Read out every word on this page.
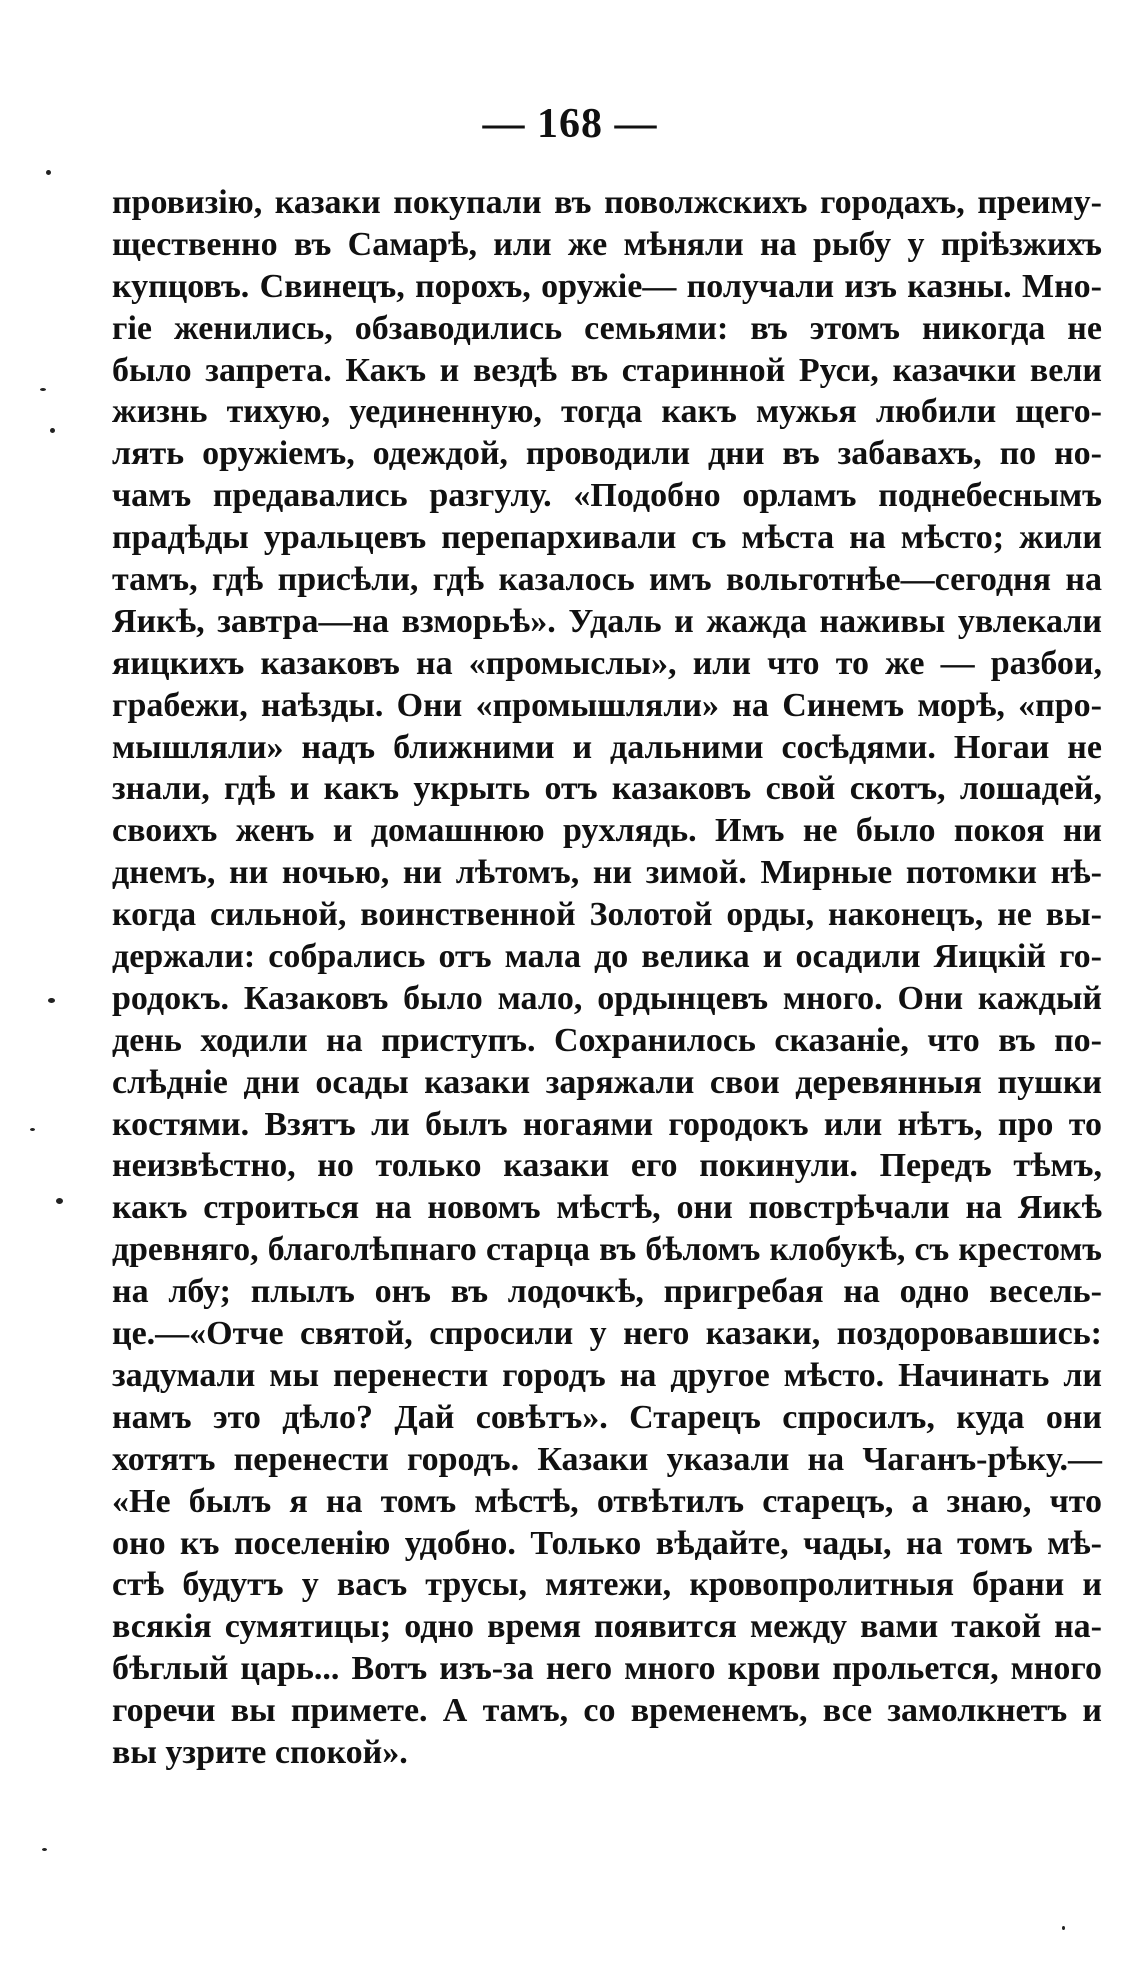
— 168 —
провизію, казаки покупали въ поволжскихъ городахъ, преиму-
щественно въ Самарѣ, или же мѣняли на рыбу у пріѣзжихъ
купцовъ. Свинецъ, порохъ, оружіе— получали изъ казны. Мно-
гіе женились, обзаводились семьями: въ этомъ никогда не
было запрета. Какъ и вездѣ въ старинной Руси, казачки вели
жизнь тихую, уединенную, тогда какъ мужья любили щего-
лять оружіемъ, одеждой, проводили дни въ забавахъ, по но-
чамъ предавались разгулу. «Подобно орламъ поднебеснымъ
прадѣды уральцевъ перепархивали съ мѣста на мѣсто; жили
тамъ, гдѣ присѣли, гдѣ казалось имъ вольготнѣе—сегодня на
Яикѣ, завтра—на взморьѣ». Удаль и жажда наживы увлекали
яицкихъ казаковъ на «промыслы», или что то же — разбои,
грабежи, наѣзды. Они «промышляли» на Синемъ морѣ, «про-
мышляли» надъ ближними и дальними сосѣдями. Ногаи не
знали, гдѣ и какъ укрыть отъ казаковъ свой скотъ, лошадей,
своихъ женъ и домашнюю рухлядь. Имъ не было покоя ни
днемъ, ни ночью, ни лѣтомъ, ни зимой. Мирные потомки нѣ-
когда сильной, воинственной Золотой орды, наконецъ, не вы-
держали: собрались отъ мала до велика и осадили Яицкій го-
родокъ. Казаковъ было мало, ордынцевъ много. Они каждый
день ходили на приступъ. Сохранилось сказаніе, что въ по-
слѣдніе дни осады казаки заряжали свои деревянныя пушки
костями. Взятъ ли былъ ногаями городокъ или нѣтъ, про то
неизвѣстно, но только казаки его покинули. Передъ тѣмъ,
какъ строиться на новомъ мѣстѣ, они повстрѣчали на Яикѣ
древняго, благолѣпнаго старца въ бѣломъ клобукѣ, съ крестомъ
на лбу; плылъ онъ въ лодочкѣ, пригребая на одно весель-
це.—«Отче святой, спросили у него казаки, поздоровавшись:
задумали мы перенести городъ на другое мѣсто. Начинать ли
намъ это дѣло? Дай совѣтъ». Старецъ спросилъ, куда они
хотятъ перенести городъ. Казаки указали на Чаганъ-рѣку.—
«Не былъ я на томъ мѣстѣ, отвѣтилъ старецъ, а знаю, что
оно къ поселенію удобно. Только вѣдайте, чады, на томъ мѣ-
стѣ будутъ у васъ трусы, мятежи, кровопролитныя брани и
всякія сумятицы; одно время появится между вами такой на-
бѣглый царь... Вотъ изъ-за него много крови прольется, много
горечи вы примете. А тамъ, со временемъ, все замолкнетъ и
вы узрите спокой».
